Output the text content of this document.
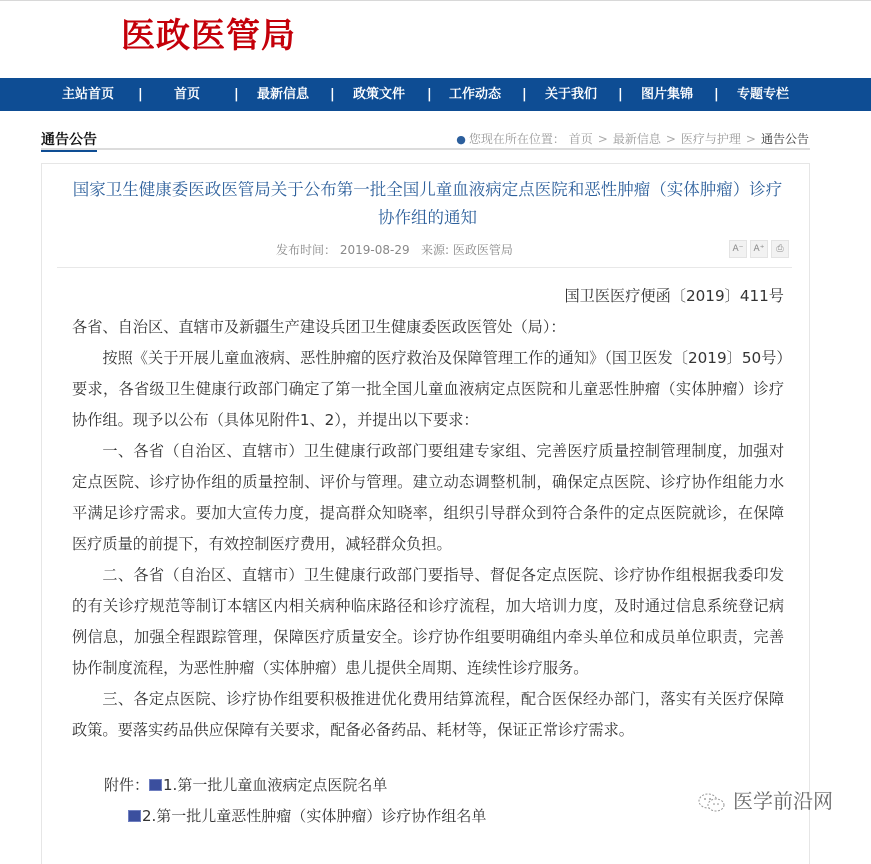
医政医管局
主站首页 | 首页	| 最新信息 | 政策文件 | 工作动态 | 关于我们 | 图片集锦 | 专题专栏
通告公告	● 您现在所在位置： 首页 > 最新信息 > 医疗与护理 > 通告公告
国家卫生健康委医政医管局关于公布第一批全国儿童血液病定点医院和恶性肿瘤（实体肿瘤）诊疗协作组的通知
发布时间： 2019-08-29 来源: 医政医管局	A⁻ A⁺ ⎙

国卫医医疗便函〔2019〕411号

各省、自治区、直辖市及新疆生产建设兵团卫生健康委医政医管处（局）：

按照《关于开展儿童血液病、恶性肿瘤的医疗救治及保障管理工作的通知》（国卫医发〔2019〕50号）要求，各省级卫生健康行政部门确定了第一批全国儿童血液病定点医院和儿童恶性肿瘤（实体肿瘤）诊疗协作组。现予以公布（具体见附件1、2），并提出以下要求：

一、各省（自治区、直辖市）卫生健康行政部门要组建专家组、完善医疗质量控制管理制度，加强对定点医院、诊疗协作组的质量控制、评价与管理。建立动态调整机制，确保定点医院、诊疗协作组能力水平满足诊疗需求。要加大宣传力度，提高群众知晓率，组织引导群众到符合条件的定点医院就诊，在保障医疗质量的前提下，有效控制医疗费用，减轻群众负担。

二、各省（自治区、直辖市）卫生健康行政部门要指导、督促各定点医院、诊疗协作组根据我委印发的有关诊疗规范等制订本辖区内相关病种临床路径和诊疗流程，加大培训力度，及时通过信息系统登记病例信息，加强全程跟踪管理，保障医疗质量安全。诊疗协作组要明确组内牵头单位和成员单位职责，完善协作制度流程，为恶性肿瘤（实体肿瘤）患儿提供全周期、连续性诊疗服务。

三、各定点医院、诊疗协作组要积极推进优化费用结算流程，配合医保经办部门，落实有关医疗保障政策。要落实药品供应保障有关要求，配备必备药品、耗材等，保证正常诊疗需求。

附件： 1.第一批儿童血液病定点医院名单
2.第一批儿童恶性肿瘤（实体肿瘤）诊疗协作组名单
医学前沿网
